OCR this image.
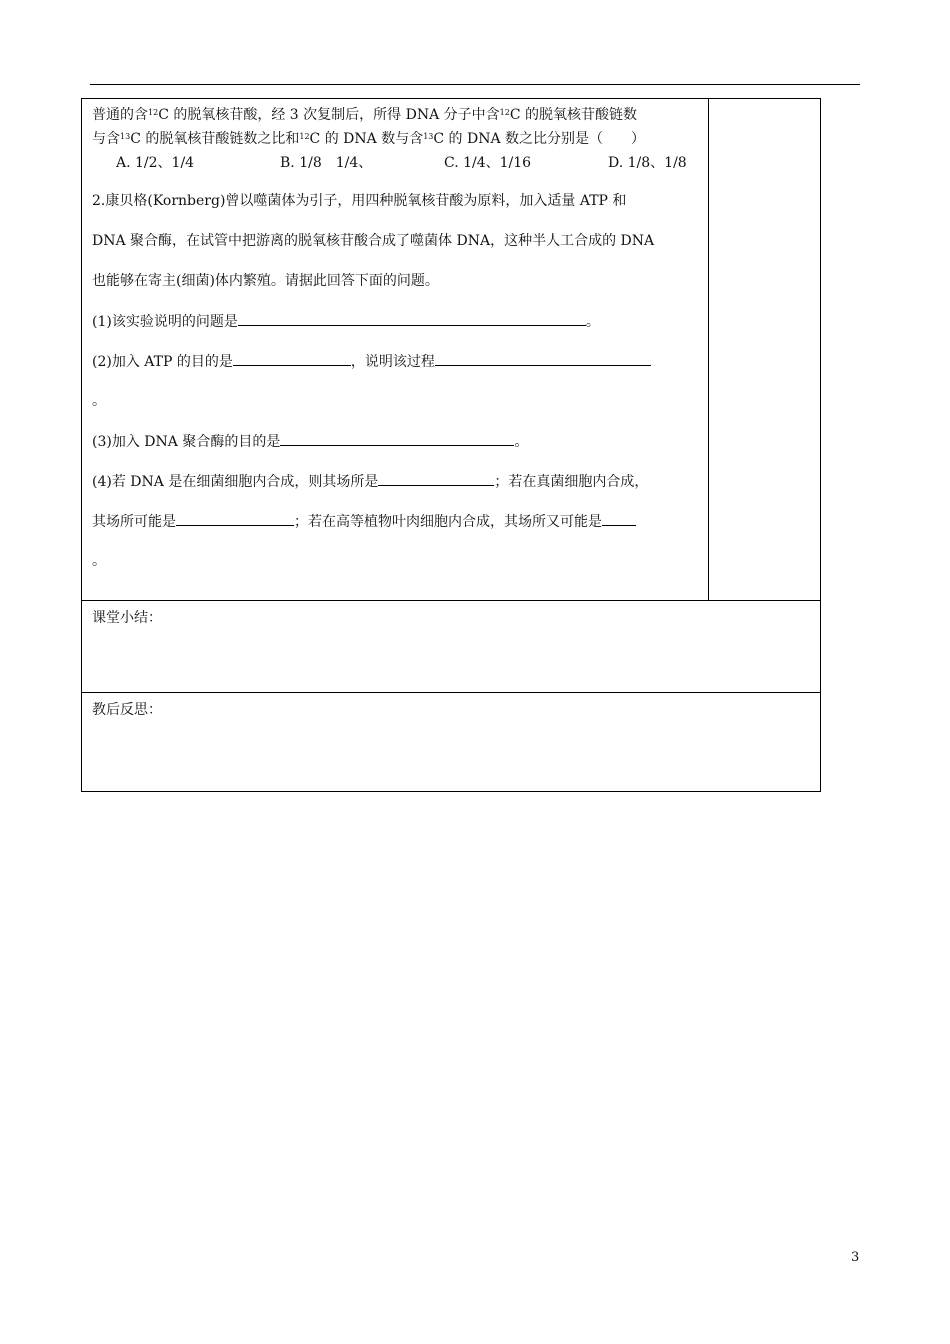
普通的含$^{12}$C 的脱氧核苷酸，经 3 次复制后，所得 DNA 分子中含$^{12}$C 的脱氧核苷酸链数
与含$^{13}$C 的脱氧核苷酸链数之比和$^{12}$C 的 DNA 数与含$^{13}$C 的 DNA 数之比分别是（　　）
A. 1/2、1/4	B. 1/8　1/4、	C. 1/4、1/16	D. 1/8、1/8
2.康贝格(Kornberg)曾以噬菌体为引子，用四种脱氧核苷酸为原料，加入适量 ATP 和
DNA 聚合酶，在试管中把游离的脱氧核苷酸合成了噬菌体 DNA，这种半人工合成的 DNA
也能够在寄主(细菌)体内繁殖。请据此回答下面的问题。
(1)该实验说明的问题是	。
(2)加入 ATP 的目的是	，说明该过程
。
(3)加入 DNA 聚合酶的目的是	。
(4)若 DNA 是在细菌细胞内合成，则其场所是	；若在真菌细胞内合成，
其场所可能是	；若在高等植物叶肉细胞内合成，其场所又可能是
。
课堂小结：
教后反思：
3
